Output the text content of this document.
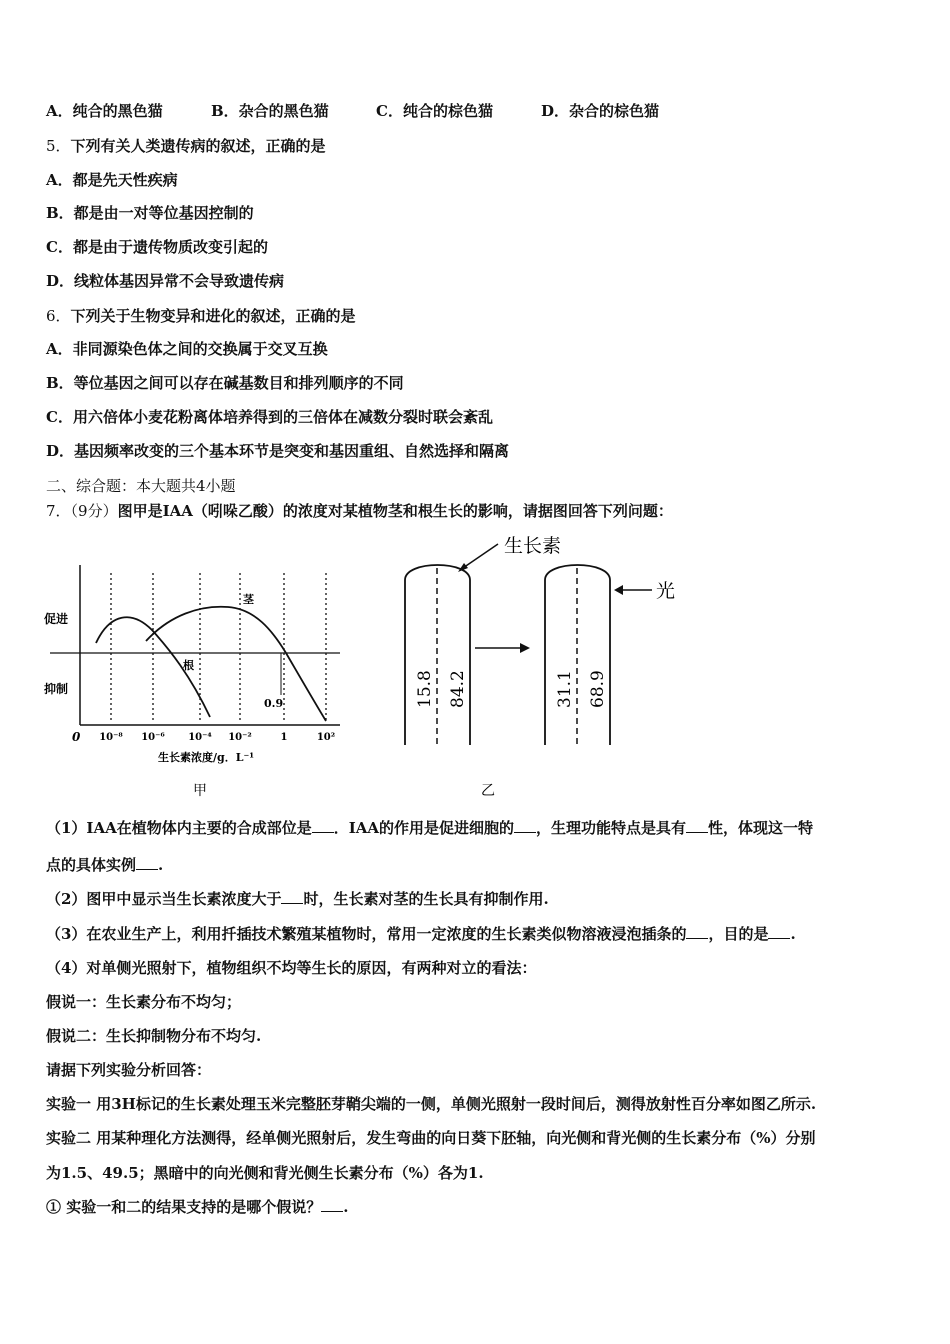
A．纯合的黑色猫	B．杂合的黑色猫	C．纯合的棕色猫	D．杂合的棕色猫
5．下列有关人类遗传病的叙述，正确的是
A．都是先天性疾病
B．都是由一对等位基因控制的
C．都是由于遗传物质改变引起的
D．线粒体基因异常不会导致遗传病
6．下列关于生物变异和进化的叙述，正确的是
A．非同源染色体之间的交换属于交叉互换
B．等位基因之间可以存在碱基数目和排列顺序的不同
C．用六倍体小麦花粉离体培养得到的三倍体在减数分裂时联会紊乱
D．基因频率改变的三个基本环节是突变和基因重组、自然选择和隔离
二、综合题：本大题共4小题
7．（9分）图甲是IAA（吲哚乙酸）的浓度对某植物茎和根生长的影响，请据图回答下列问题：
促进
抑制
茎
根
0.9
0 10⁻⁸ 10⁻⁶ 10⁻⁴ 10⁻²	1	10²
生长素浓度/g．L⁻¹
甲
生长素
15.8 84.2	31.1 68.9
光
乙
（1）IAA在植物体内主要的合成部位是 ．IAA的作用是促进细胞的 ，生理功能特点是具有 性，体现这一特
点的具体实例 .
（2）图甲中显示当生长素浓度大于 时，生长素对茎的生长具有抑制作用.
（3）在农业生产上，利用扦插技术繁殖某植物时，常用一定浓度的生长素类似物溶液浸泡插条的 ，目的是 .
（4）对单侧光照射下，植物组织不均等生长的原因，有两种对立的看法：
假说一：生长素分布不均匀；
假说二：生长抑制物分布不均匀.
请据下列实验分析回答：
实验一 用3H标记的生长素处理玉米完整胚芽鞘尖端的一侧，单侧光照射一段时间后，测得放射性百分率如图乙所示.
实验二 用某种理化方法测得，经单侧光照射后，发生弯曲的向日葵下胚轴，向光侧和背光侧的生长素分布（%）分别
为1.5、49.5；黑暗中的向光侧和背光侧生长素分布（%）各为1.
① 实验一和二的结果支持的是哪个假说？ .
